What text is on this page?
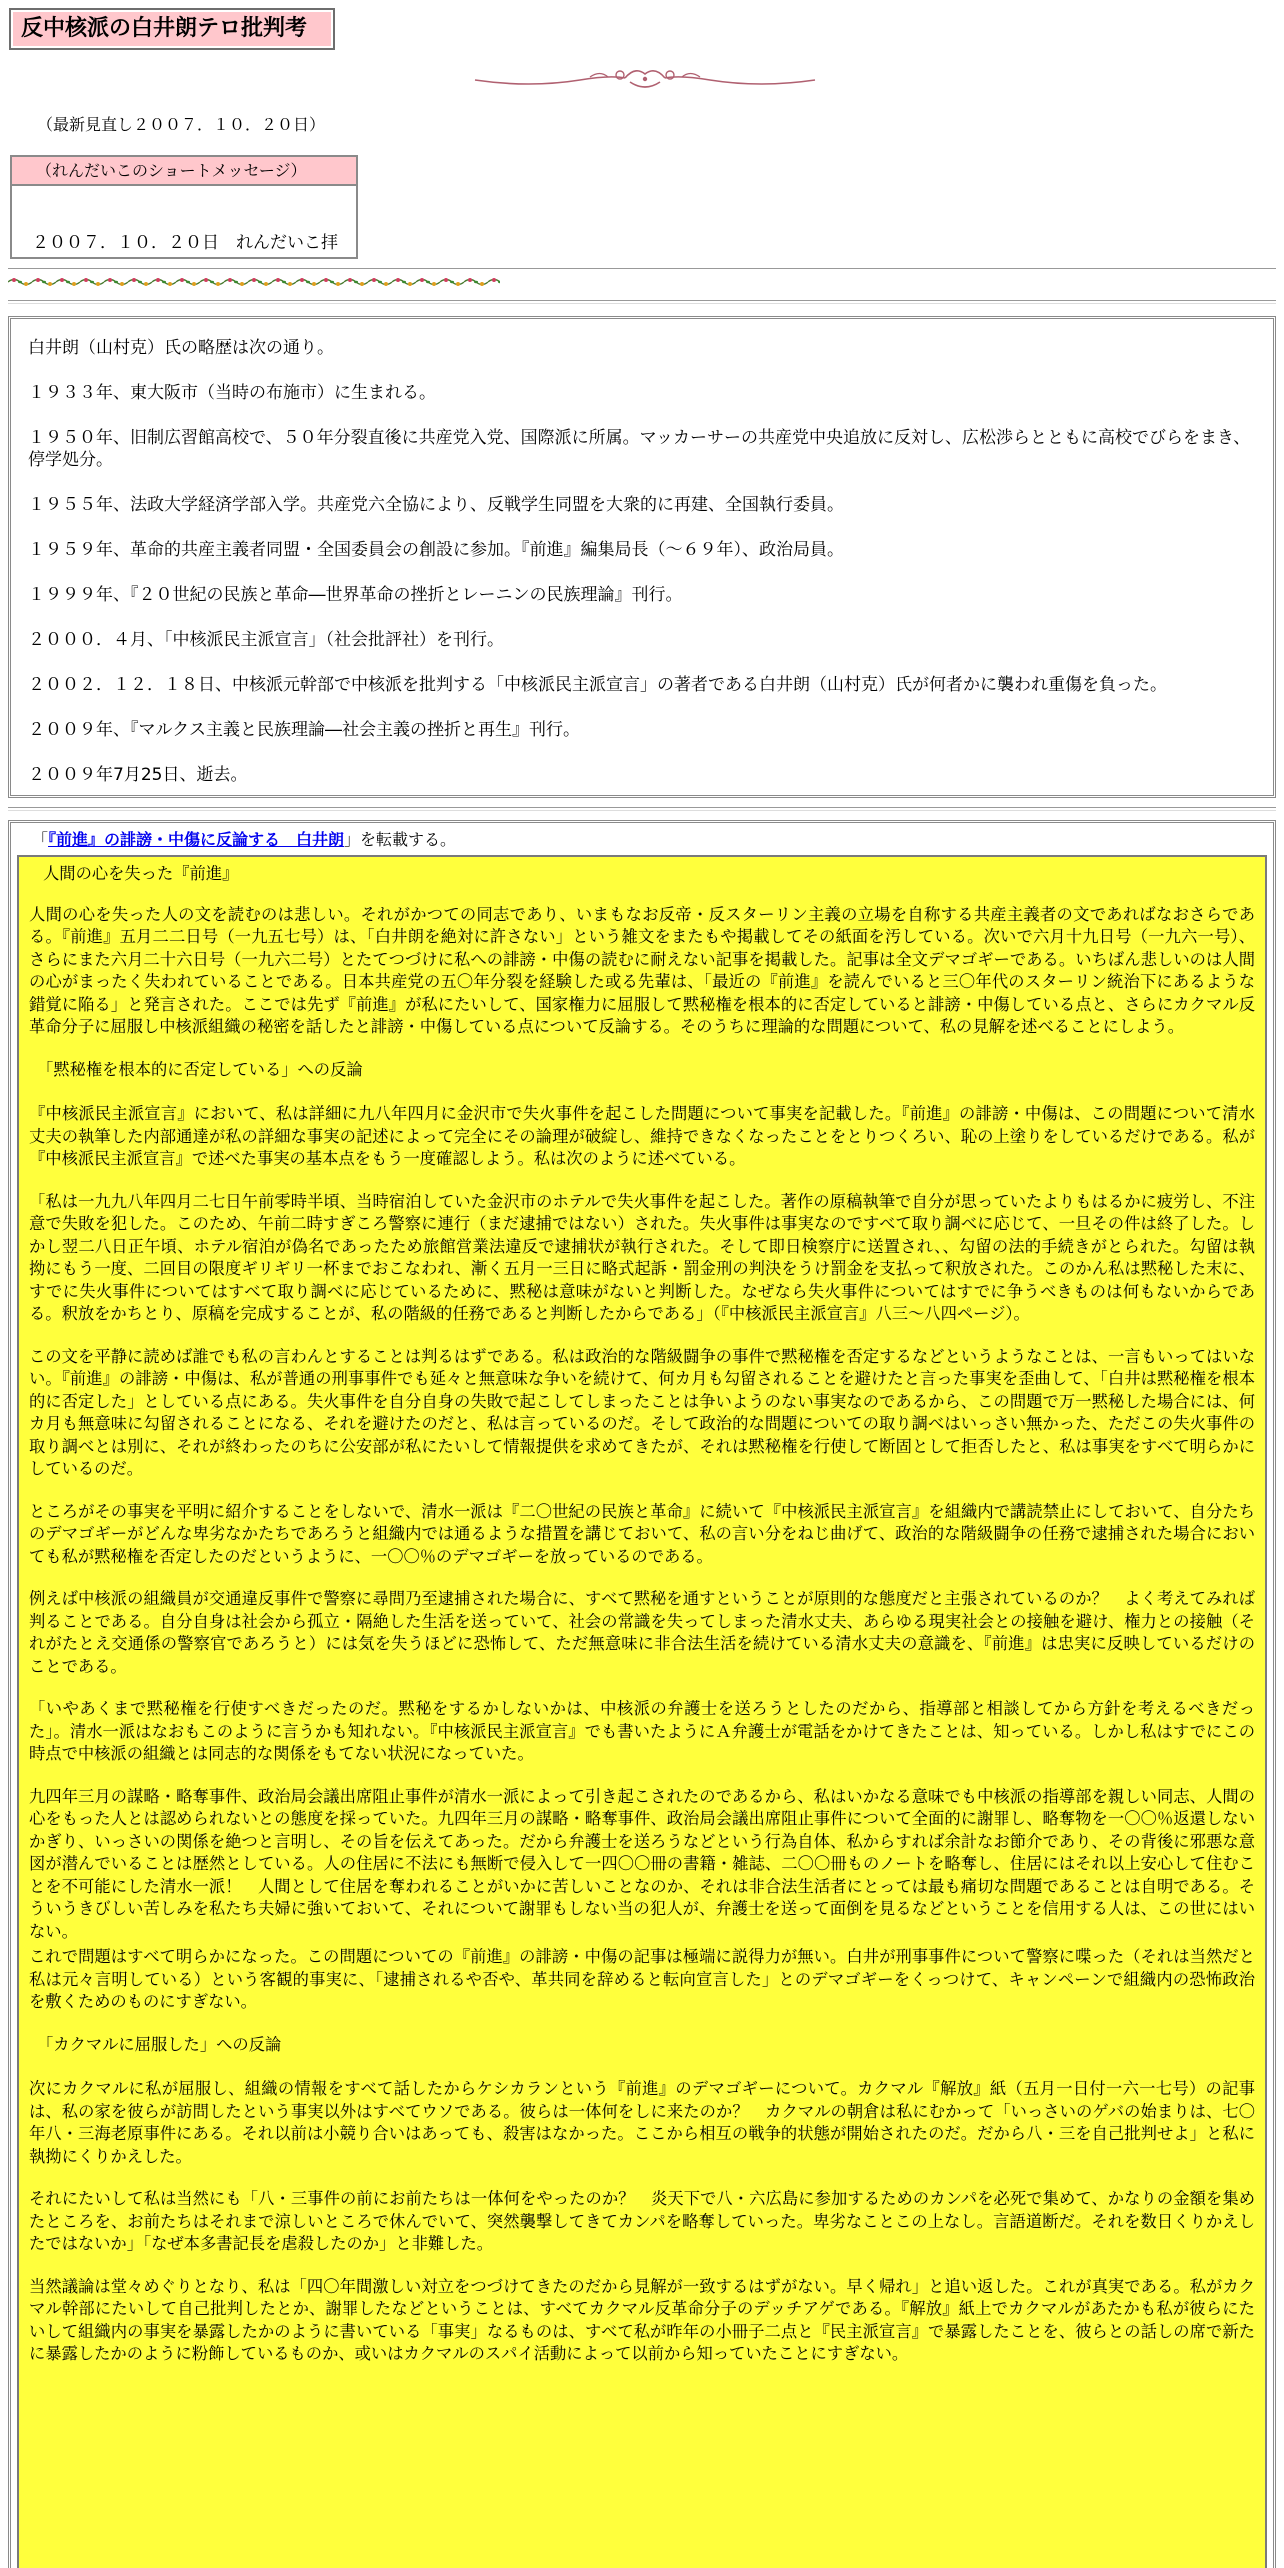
反中核派の白井朗テロ批判考
（最新見直し２００７．１０．２０日）
（れんだいこのショートメッセージ）
２００７．１０．２０日　れんだいこ拝

白井朗（山村克）氏の略歴は次の通り。

１９３３年、東大阪市（当時の布施市）に生まれる。

１９５０年、旧制広習館高校で、５０年分裂直後に共産党入党、国際派に所属。マッカーサーの共産党中央追放に反対し、広松渉らとともに高校でびらをまき、停学処分。

１９５５年、法政大学経済学部入学。共産党六全協により、反戦学生同盟を大衆的に再建、全国執行委員。

１９５９年、革命的共産主義者同盟・全国委員会の創設に参加。『前進』編集局長（～６９年）、政治局員。

１９９９年、『２０世紀の民族と革命―世界革命の挫折とレーニンの民族理論』刊行。

２０００．４月、「中核派民主派宣言」（社会批評社）を刊行。

２００２．１２．１８日、中核派元幹部で中核派を批判する「中核派民主派宣言」の著者である白井朗（山村克）氏が何者かに襲われ重傷を負った。

２００９年、『マルクス主義と民族理論―社会主義の挫折と再生』刊行。

２００９年7月25日、逝去。

「『前進』の誹謗・中傷に反論する　白井朗」を転載する。

人間の心を失った『前進』

人間の心を失った人の文を読むのは悲しい。それがかつての同志であり、いまもなお反帝・反スターリン主義の立場を自称する共産主義者の文であればなおさらである。『前進』五月二二日号（一九五七号）は、「白井朗を絶対に許さない」という雑文をまたもや掲載してその紙面を汚している。次いで六月十九日号（一九六一号）、さらにまた六月二十六日号（一九六二号）とたてつづけに私への誹謗・中傷の読むに耐えない記事を掲載した。記事は全文デマゴギーである。いちばん悲しいのは人間の心がまったく失われていることである。日本共産党の五〇年分裂を経験した或る先輩は、「最近の『前進』を読んでいると三〇年代のスターリン統治下にあるような錯覚に陥る」と発言された。ここでは先ず『前進』が私にたいして、国家権力に屈服して黙秘権を根本的に否定していると誹謗・中傷している点と、さらにカクマル反革命分子に屈服し中核派組織の秘密を話したと誹謗・中傷している点について反論する。そのうちに理論的な問題について、私の見解を述べることにしよう。

「黙秘権を根本的に否定している」への反論

『中核派民主派宣言』において、私は詳細に九八年四月に金沢市で失火事件を起こした問題について事実を記載した。『前進』の誹謗・中傷は、この問題について清水丈夫の執筆した内部通達が私の詳細な事実の記述によって完全にその論理が破綻し、維持できなくなったことをとりつくろい、恥の上塗りをしているだけである。私が『中核派民主派宣言』で述べた事実の基本点をもう一度確認しよう。私は次のように述べている。

「私は一九九八年四月二七日午前零時半頃、当時宿泊していた金沢市のホテルで失火事件を起こした。著作の原稿執筆で自分が思っていたよりもはるかに疲労し、不注意で失敗を犯した。このため、午前二時すぎころ警察に連行（まだ逮捕ではない）された。失火事件は事実なのですべて取り調べに応じて、一旦その件は終了した。しかし翌二八日正午頃、ホテル宿泊が偽名であったため旅館営業法違反で逮捕状が執行された。そして即日検察庁に送置され、、勾留の法的手続きがとられた。勾留は執拗にもう一度、二回目の限度ギリギリ一杯までおこなわれ、漸く五月一三日に略式起訴・罰金刑の判決をうけ罰金を支払って釈放された。このかん私は黙秘した末に、すでに失火事件についてはすべて取り調べに応じているために、黙秘は意味がないと判断した。なぜなら失火事件についてはすでに争うべきものは何もないからである。釈放をかちとり、原稿を完成することが、私の階級的任務であると判断したからである」（『中核派民主派宣言』八三～八四ページ）。

この文を平静に読めば誰でも私の言わんとすることは判るはずである。私は政治的な階級闘争の事件で黙秘権を否定するなどというようなことは、一言もいってはいない。『前進』の誹謗・中傷は、私が普通の刑事事件でも延々と無意味な争いを続けて、何カ月も勾留されることを避けたと言った事実を歪曲して、「白井は黙秘権を根本的に否定した」としている点にある。失火事件を自分自身の失敗で起こしてしまったことは争いようのない事実なのであるから、この問題で万一黙秘した場合には、何カ月も無意味に勾留されることになる、それを避けたのだと、私は言っているのだ。そして政治的な問題についての取り調べはいっさい無かった、ただこの失火事件の取り調べとは別に、それが終わったのちに公安部が私にたいして情報提供を求めてきたが、それは黙秘権を行使して断固として拒否したと、私は事実をすべて明らかにしているのだ。

ところがその事実を平明に紹介することをしないで、清水一派は『二〇世紀の民族と革命』に続いて『中核派民主派宣言』を組織内で講読禁止にしておいて、自分たちのデマゴギーがどんな卑劣なかたちであろうと組織内では通るような措置を講じておいて、私の言い分をねじ曲げて、政治的な階級闘争の任務で逮捕された場合においても私が黙秘権を否定したのだというように、一〇〇％のデマゴギーを放っているのである。

例えば中核派の組織員が交通違反事件で警察に尋問乃至逮捕された場合に、すべて黙秘を通すということが原則的な態度だと主張されているのか？　よく考えてみれば判ることである。自分自身は社会から孤立・隔絶した生活を送っていて、社会の常識を失ってしまった清水丈夫、あらゆる現実社会との接触を避け、権力との接触（それがたとえ交通係の警察官であろうと）には気を失うほどに恐怖して、ただ無意味に非合法生活を続けている清水丈夫の意識を、『前進』は忠実に反映しているだけのことである。

「いやあくまで黙秘権を行使すべきだったのだ。黙秘をするかしないかは、中核派の弁護士を送ろうとしたのだから、指導部と相談してから方針を考えるべきだった」。清水一派はなおもこのように言うかも知れない。『中核派民主派宣言』でも書いたようにＡ弁護士が電話をかけてきたことは、知っている。しかし私はすでにこの時点で中核派の組織とは同志的な関係をもてない状況になっていた。

九四年三月の謀略・略奪事件、政治局会議出席阻止事件が清水一派によって引き起こされたのであるから、私はいかなる意味でも中核派の指導部を親しい同志、人間の心をもった人とは認められないとの態度を採っていた。九四年三月の謀略・略奪事件、政治局会議出席阻止事件について全面的に謝罪し、略奪物を一〇〇％返還しないかぎり、いっさいの関係を絶つと言明し、その旨を伝えてあった。だから弁護士を送ろうなどという行為自体、私からすれば余計なお節介であり、その背後に邪悪な意図が潜んでいることは歴然としている。人の住居に不法にも無断で侵入して一四〇〇冊の書籍・雑誌、二〇〇冊ものノートを略奪し、住居にはそれ以上安心して住むことを不可能にした清水一派！　人間として住居を奪われることがいかに苦しいことなのか、それは非合法生活者にとっては最も痛切な問題であることは自明である。そういうきびしい苦しみを私たち夫婦に強いておいて、それについて謝罪もしない当の犯人が、弁護士を送って面倒を見るなどということを信用する人は、この世にはいない。

これで問題はすべて明らかになった。この問題についての『前進』の誹謗・中傷の記事は極端に説得力が無い。白井が刑事事件について警察に喋った（それは当然だと私は元々言明している）という客観的事実に、「逮捕されるや否や、革共同を辞めると転向宣言した」とのデマゴギーをくっつけて、キャンペーンで組織内の恐怖政治を敷くためのものにすぎない。

「カクマルに屈服した」への反論

次にカクマルに私が屈服し、組織の情報をすべて話したからケシカランという『前進』のデマゴギーについて。カクマル『解放』紙（五月一日付一六一七号）の記事は、私の家を彼らが訪問したという事実以外はすべてウソである。彼らは一体何をしに来たのか？　カクマルの朝倉は私にむかって「いっさいのゲバの始まりは、七〇年八・三海老原事件にある。それ以前は小競り合いはあっても、殺害はなかった。ここから相互の戦争的状態が開始されたのだ。だから八・三を自己批判せよ」と私に執拗にくりかえした。

それにたいして私は当然にも「八・三事件の前にお前たちは一体何をやったのか？　炎天下で八・六広島に参加するためのカンパを必死で集めて、かなりの金額を集めたところを、お前たちはそれまで涼しいところで休んでいて、突然襲撃してきてカンパを略奪していった。卑劣なことこの上なし。言語道断だ。それを数日くりかえしたではないか」「なぜ本多書記長を虐殺したのか」と非難した。

当然議論は堂々めぐりとなり、私は「四〇年間激しい対立をつづけてきたのだから見解が一致するはずがない。早く帰れ」と追い返した。これが真実である。私がカクマル幹部にたいして自己批判したとか、謝罪したなどということは、すべてカクマル反革命分子のデッチアゲである。『解放』紙上でカクマルがあたかも私が彼らにたいして組織内の事実を暴露したかのように書いている「事実」なるものは、すべて私が昨年の小冊子二点と『民主派宣言』で暴露したことを、彼らとの話しの席で新たに暴露したかのように粉飾しているものか、或いはカクマルのスパイ活動によって以前から知っていたことにすぎない。
